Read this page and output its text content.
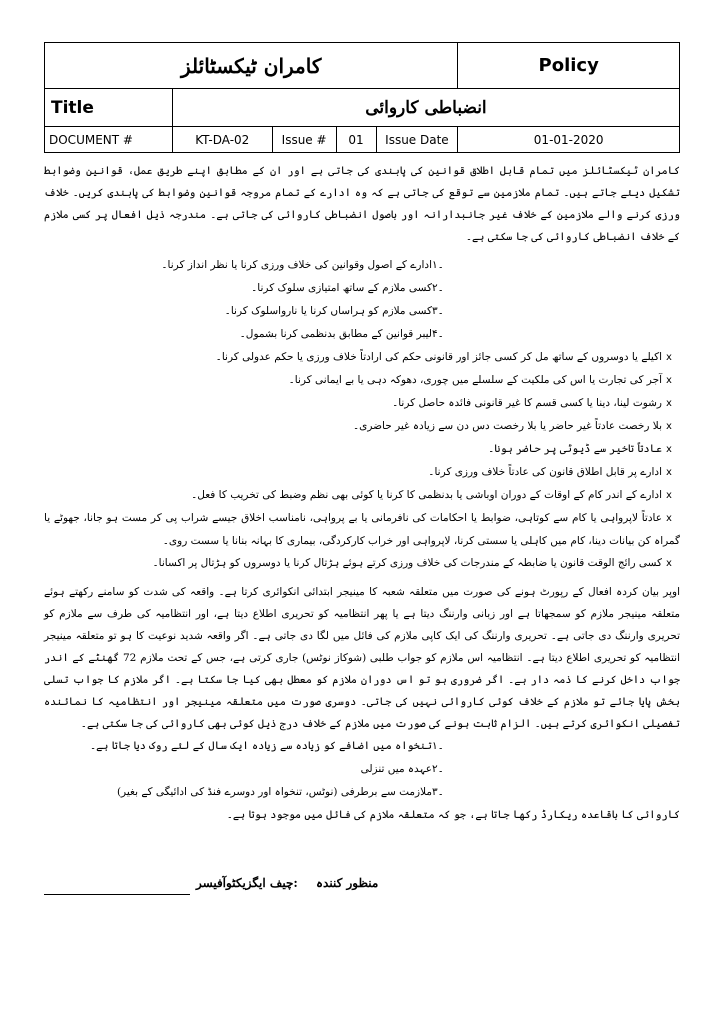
کامران ٹیکسٹائلز					Policy
Title	انضباطی کاروائی				
DOCUMENT #	KT-DA-02	Issue #	01	Issue Date	01-01-2020

کامران ٹیکسٹائلز میں تمام قابل اطلاق قوانین کی پابندی کی جاتی ہے اور ان کے مطابق اپنے طریق عمل، قوانین وضوابط تشکیل دیئے جاتے ہیں۔ تمام ملازمین سے توقع کی جاتی ہے کہ وہ ادارے کے تمام مروجہ قوانین وضوابط کی پابندی کریں۔ خلاف ورزی کرنے والے ملازمین کے خلاف غیر جانبدارانہ اور باصول انضباطی کاروائی کی جاتی ہے۔ مندرجہ ذیل افعال پر کسی ملازم کے خلاف انضباطی کاروائی کی جا سکتی ہے۔

۱۔ادارے کے اصول وقوانین کی خلاف ورزی کرنا یا نظر انداز کرنا۔
۲۔کسی ملازم کے ساتھ امتیازی سلوک کرنا۔
۳۔کسی ملازم کو ہراساں کرنا یا نارواسلوک کرنا۔
۴۔لیبر قوانین کے مطابق بدنظمی کرنا بشمول۔
xاکیلے یا دوسروں کے ساتھ مل کر کسی جائز اور قانونی حکم کی ارادتاً خلاف ورزی یا حکم عدولی کرنا۔
xآجر کی تجارت یا اس کی ملکیت کے سلسلے میں چوری، دھوکہ دہی یا بے ایمانی کرنا۔
xرشوت لینا، دینا یا کسی قسم کا غیر قانونی فائدہ حاصل کرنا۔
xبلا رخصت عادتاً غیر حاضر یا بلا رخصت دس دن سے زیادہ غیر حاضری۔
xعادتاً تاخیر سے ڈیوٹی پر حاضر ہونا۔
xادارے پر قابل اطلاق قانون کی عادتاً خلاف ورزی کرنا۔
xادارے کے اندر کام کے اوقات کے دوران اوباشی یا بدنظمی کا کرنا یا کوئی بھی نظم وضبط کی تخریب کا فعل۔
xعادتاً لاپرواہی یا کام سے کوتاہی، ضوابط یا احکامات کی نافرمانی یا بے پرواہی، نامناسب اخلاق جیسے شراب پی کر مست ہو جانا، جھوٹے یا گمراہ کن بیانات دینا، کام میں کاہلی یا سستی کرنا، لاپرواہی اور خراب کارکردگی، بیماری کا بہانہ بنانا یا سست روی۔
xکسی رائج الوقت قانون یا ضابطہ کے مندرجات کی خلاف ورزی کرتے ہوئے ہڑتال کرنا یا دوسروں کو ہڑتال پر اکسانا۔

اوپر بیان کردہ افعال کے رپورٹ ہونے کی صورت میں متعلقہ شعبہ کا مینیجر ابتدائی انکوائری کرتا ہے۔ واقعہ کی شدت کو سامنے رکھتے ہوئے متعلقہ مینیجر ملازم کو سمجھاتا ہے اور زبانی وارننگ دیتا ہے یا پھر انتظامیہ کو تحریری اطلاع دیتا ہے، اور انتظامیہ کی طرف سے ملازم کو تحریری وارننگ دی جاتی ہے۔ تحریری وارننگ کی ایک کاپی ملازم کی فائل میں لگا دی جاتی ہے۔ اگر واقعہ شدید نوعیت کا ہو تو متعلقہ مینیجر انتظامیہ کو تحریری اطلاع دیتا ہے۔ انتظامیہ اس ملازم کو جواب طلبی (شوکاز نوٹس) جاری کرتی ہے، جس کے تحت ملازم 72 گھنٹے کے اندر جواب داخل کرنے کا ذمہ دار ہے۔ اگر ضروری ہو تو اس دوران ملازم کو معطل بھی کیا جا سکتا ہے۔ اگر ملازم کا جواب تسلی بخش پایا جائے تو ملازم کے خلاف کوئی کاروائی نہیں کی جاتی۔ دوسری صورت میں متعلقہ مینیجر اور انتظامیہ کا نمائندہ تفصیلی انکوائری کرتے ہیں۔ الزام ثابت ہونے کی صورت میں ملازم کے خلاف درج ذیل کوئی بھی کاروائی کی جا سکتی ہے۔

۱۔تنخواہ میں اضافے کو زیادہ سے زیادہ ایک سال کے لئے روک دیا جاتا ہے۔
۲۔عہدہ میں تنزلی
۳۔ملازمت سے برطرفی (نوٹس، تنخواہ اور دوسرے فنڈ کی ادائیگی کے بغیر)

کاروائی کا باقاعدہ ریکارڈ رکھا جاتا ہے، جو کہ متعلقہ ملازم کی فائل میں موجود ہوتا ہے۔

:چیف ایگزیکٹوآفیسر منظور کنندہ
